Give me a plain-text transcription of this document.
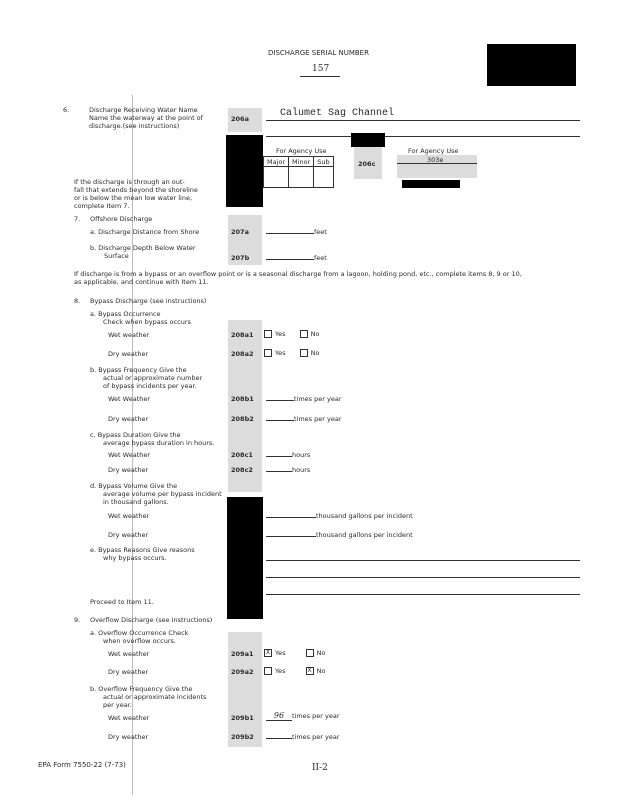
DISCHARGE SERIAL NUMBER
157
6.	Discharge Receiving Water Name
Name the waterway at the point of
discharge.(see instructions)
206a	Calumet Sag Channel
For Agency Use
Major	Minor	Sub
			206c
For Agency Use
303e
If the discharge is through an out-
fall that extends beyond the shoreline
or is below the mean low water line,
complete Item 7.
7. Offshore Discharge
a. Discharge Distance from Shore	207a	feet
b. Discharge Depth Below Water
Surface	207b	feet
If discharge is from a bypass or an overflow point or is a seasonal discharge from a lagoon, holding pond, etc., complete items 8, 9 or 10,
as applicable, and continue with Item 11.
8. Bypass Discharge (see instructions)
a. Bypass Occurrence
Check when bypass occurs
Wet weather	208a1	Yes	No
Dry weather	208a2	Yes	No
b. Bypass Frequency Give the
actual or approximate number
of bypass incidents per year.
Wet Weather	208b1	times per year
Dry weather	208b2	times per year
c. Bypass Duration Give the
average bypass duration in hours.
Wet Weather	208c1	hours
Dry weather	208c2	hours
d. Bypass Volume Give the
average volume per bypass incident
in thousand gallons.
Wet weather	thousand gallons per incident
Dry weather	thousand gallons per incident
e. Bypass Reasons Give reasons
why bypass occurs.
Proceed to Item 11.
9. Overflow Discharge (see instructions)
a. Overflow Occurrence Check
when overflow occurs.
Wet weather	209a1	X Yes	No
Dry weather	209a2	Yes	X No
b. Overflow Frequency Give the
actual or approximate incidents
per year.
Wet weather	209b1	96 times per year
Dry weather	209b2	times per year
EPA Form 7550-22 (7-73)	II-2
